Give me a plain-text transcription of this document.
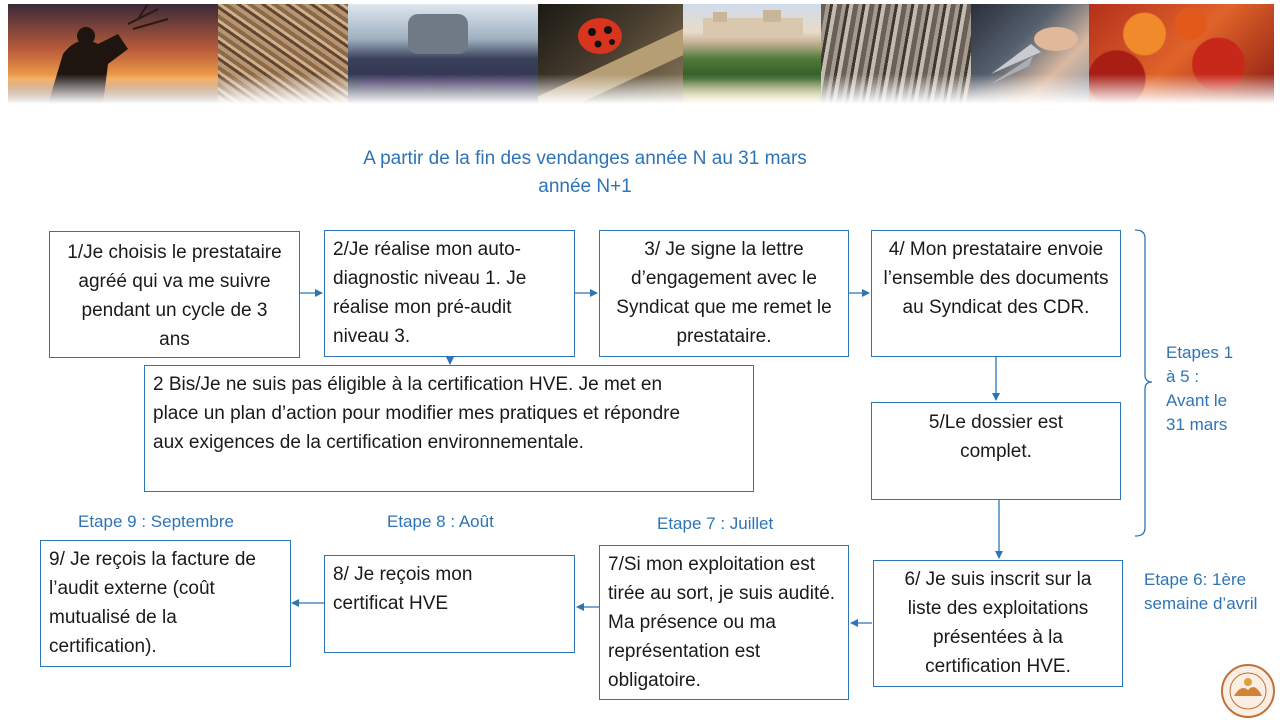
A partir de la fin des vendanges année N au 31 mars année N+1
1/Je choisis le prestataire agréé qui va me suivre pendant un cycle de 3 ans
2/Je réalise mon auto-diagnostic niveau 1. Je réalise mon pré-audit niveau 3.
3/ Je signe la lettre d’engagement avec le Syndicat que me remet le prestataire.
4/ Mon prestataire envoie l’ensemble des documents au Syndicat des CDR.
2 Bis/Je ne suis pas éligible à la certification HVE. Je met en place un plan d’action pour modifier mes pratiques et répondre aux exigences de la certification environnementale.
5/Le dossier est complet.
6/ Je suis inscrit sur la liste des exploitations présentées à la certification HVE.
7/Si mon exploitation est tirée au sort, je suis audité. Ma présence ou ma représentation est obligatoire.
8/ Je reçois mon certificat HVE
9/ Je reçois la facture de l’audit externe (coût mutualisé de la certification).
Etapes 1 à 5 : Avant le 31 mars
Etape 6: 1ère semaine d’avril
Etape 7 : Juillet
Etape 8 : Août
Etape 9 : Septembre
